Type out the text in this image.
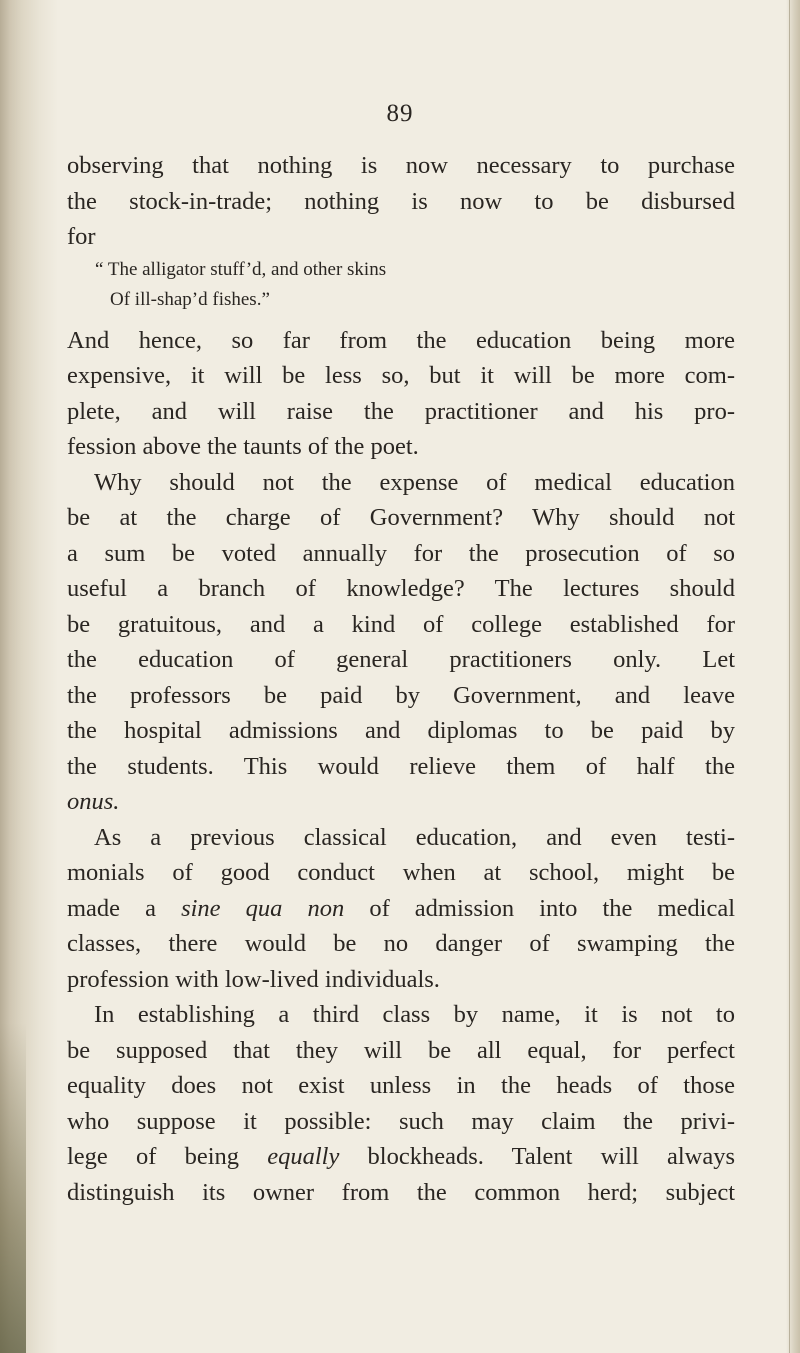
89
observing that nothing is now necessary to purchase
the stock-in-trade; nothing is now to be disbursed
for
“ The alligator stuff’d, and other skins
Of ill-shap’d fishes.”
And hence, so far from the education being more
expensive, it will be less so, but it will be more com-
plete, and will raise the practitioner and his pro-
fession above the taunts of the poet.
Why should not the expense of medical education
be at the charge of Government? Why should not
a sum be voted annually for the prosecution of so
useful a branch of knowledge? The lectures should
be gratuitous, and a kind of college established for
the education of general practitioners only. Let
the professors be paid by Government, and leave
the hospital admissions and diplomas to be paid by
the students. This would relieve them of half the
onus.
As a previous classical education, and even testi-
monials of good conduct when at school, might be
made a sine qua non of admission into the medical
classes, there would be no danger of swamping the
profession with low-lived individuals.
In establishing a third class by name, it is not to
be supposed that they will be all equal, for perfect
equality does not exist unless in the heads of those
who suppose it possible: such may claim the privi-
lege of being equally blockheads. Talent will always
distinguish its owner from the common herd; subject
